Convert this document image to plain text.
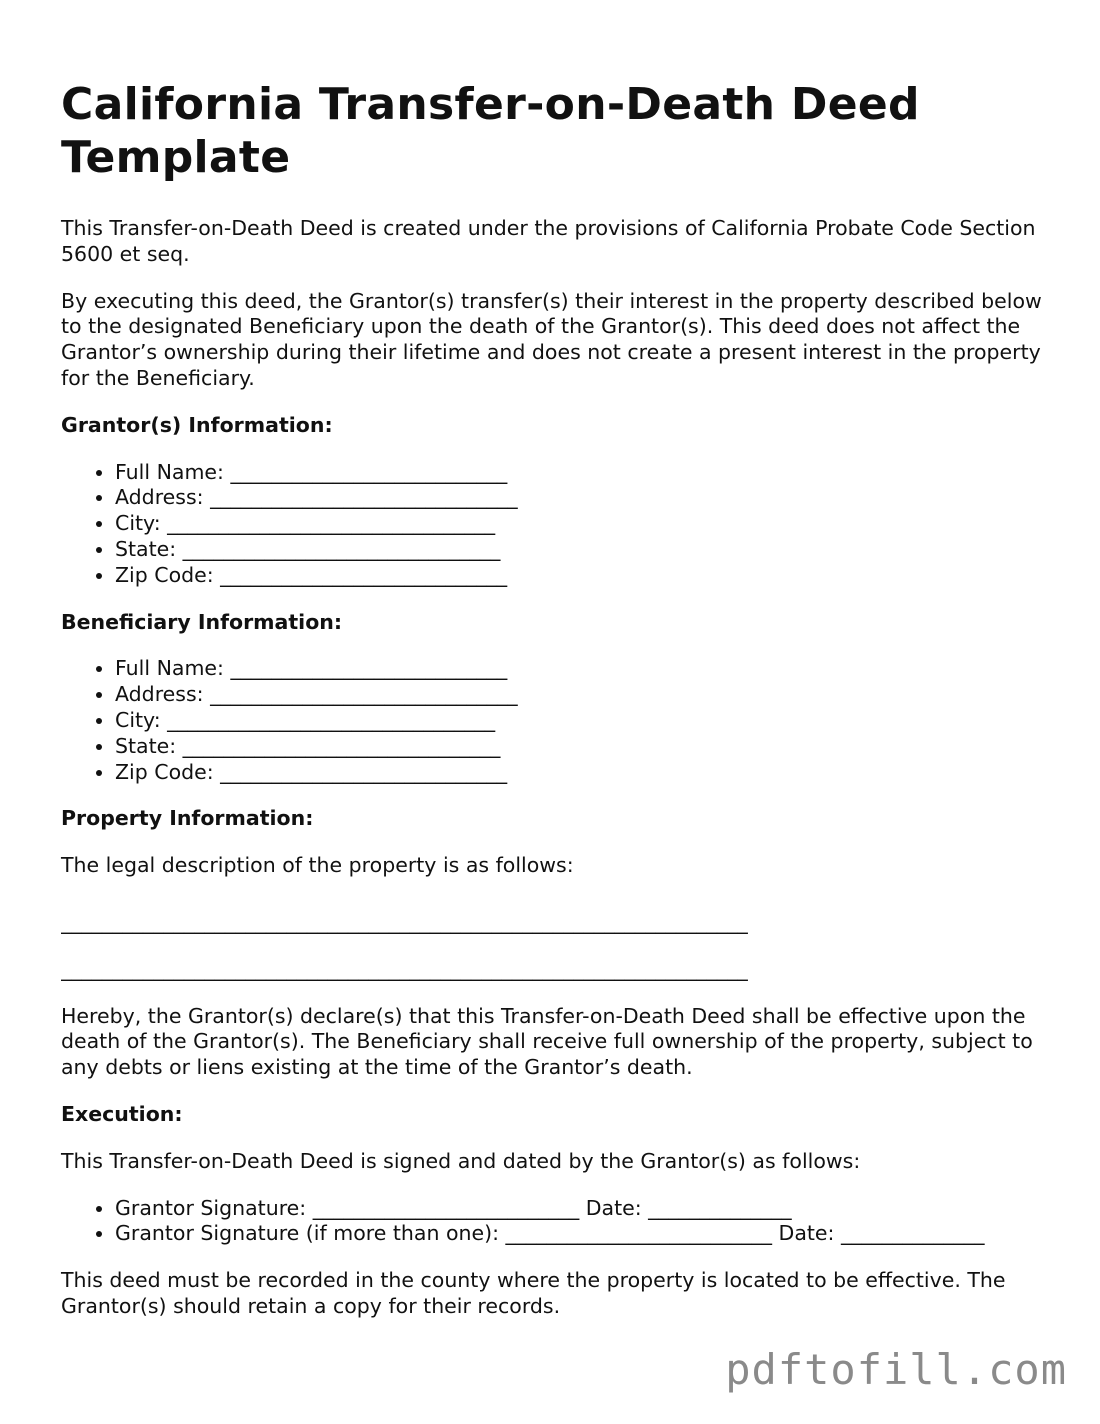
California Transfer-on-Death Deed Template

This Transfer-on-Death Deed is created under the provisions of California Probate Code Section 5600 et seq.

By executing this deed, the Grantor(s) transfer(s) their interest in the property described below to the designated Beneficiary upon the death of the Grantor(s). This deed does not affect the Grantor’s ownership during their lifetime and does not create a present interest in the property for the Beneficiary.

Grantor(s) Information:
• Full Name: ___________________________
• Address: ______________________________
• City: ________________________________
• State: _______________________________
• Zip Code: ____________________________
Beneficiary Information:
• Full Name: ___________________________
• Address: ______________________________
• City: ________________________________
• State: _______________________________
• Zip Code: ____________________________
Property Information:

The legal description of the property is as follows:

___________________________________________________________________
___________________________________________________________________

Hereby, the Grantor(s) declare(s) that this Transfer-on-Death Deed shall be effective upon the death of the Grantor(s). The Beneficiary shall receive full ownership of the property, subject to any debts or liens existing at the time of the Grantor’s death.

Execution:

This Transfer-on-Death Deed is signed and dated by the Grantor(s) as follows:

• Grantor Signature: __________________________ Date: ______________
• Grantor Signature (if more than one): __________________________ Date: ______________

This deed must be recorded in the county where the property is located to be effective. The Grantor(s) should retain a copy for their records.

pdftofill.com
